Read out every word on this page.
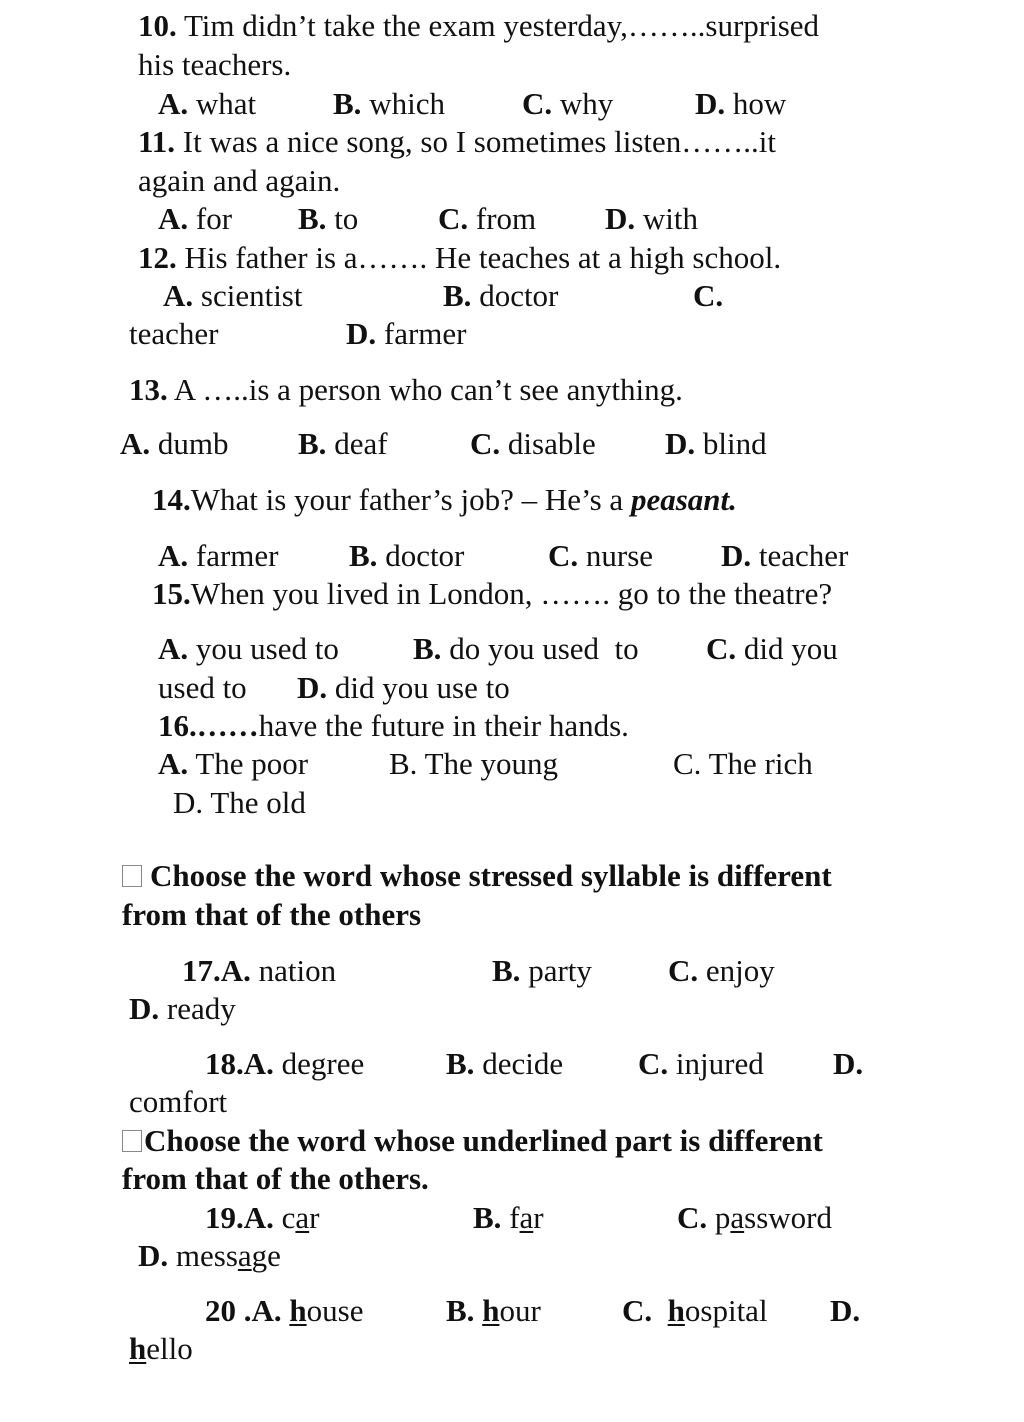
10. Tim didn’t take the exam yesterday,……..surprised
his teachers.
A. what B. which C. why	D. how
11. It was a nice song, so I sometimes listen……..it
again and again.
A. for B. to	C. from D. with
12. His father is a……. He teaches at a high school.
A. scientist	B. doctor	C.
teacher	D. farmer
13. A …..is a person who can’t see anything.
A. dumb B. deaf	C. disable D. blind
14.What is your father’s job? – He’s a peasant.
A. farmer B. doctor	C. nurse D. teacher
15.When you lived in London, ……. go to the theatre?
A. you used to B. do you used  to C. did you
used to D. did you use to
16.……have the future in their hands.
A. The poor	B. The young	C. The rich
D. The old
Choose the word whose stressed syllable is different
from that of the others
17.A. nation	B. party C. enjoy
D. ready
18.A. degree	B. decide C. injured D.
comfort
Choose the word whose underlined part is different
from that of the others.
19.A. car	B. far	C. password
D. message
20 .A. house	B. hour	C. hospital D.
hello
